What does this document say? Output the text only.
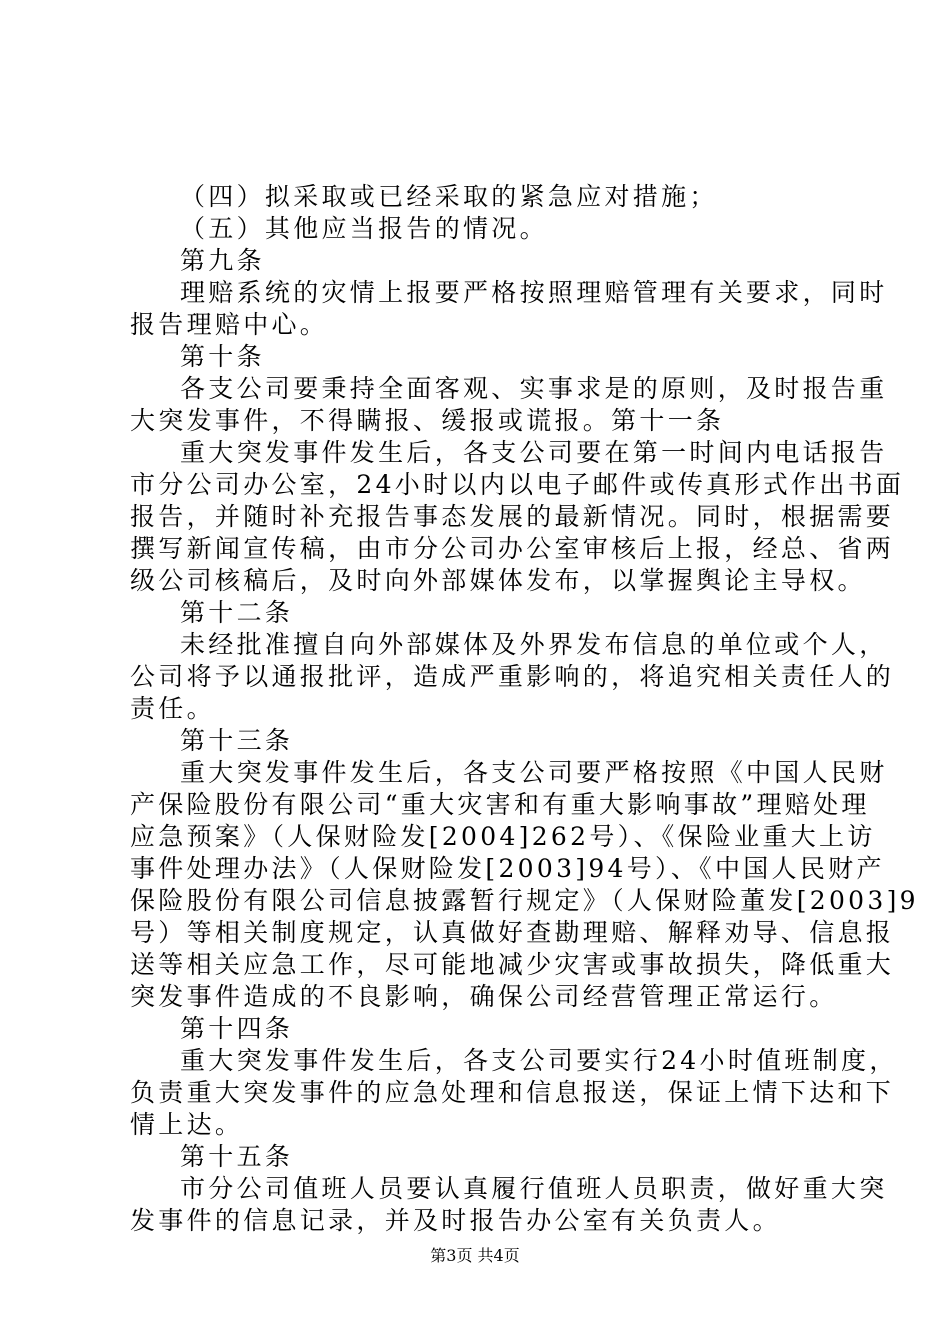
（四）拟采取或已经采取的紧急应对措施；
（五）其他应当报告的情况。
第九条
理赔系统的灾情上报要严格按照理赔管理有关要求，同时
报告理赔中心。
第十条
各支公司要秉持全面客观、实事求是的原则，及时报告重
大突发事件，不得瞒报、缓报或谎报。第十一条
重大突发事件发生后，各支公司要在第一时间内电话报告
市分公司办公室，24小时以内以电子邮件或传真形式作出书面
报告，并随时补充报告事态发展的最新情况。同时，根据需要
撰写新闻宣传稿，由市分公司办公室审核后上报，经总、省两
级公司核稿后，及时向外部媒体发布，以掌握舆论主导权。
第十二条
未经批准擅自向外部媒体及外界发布信息的单位或个人，
公司将予以通报批评，造成严重影响的，将追究相关责任人的
责任。
第十三条
重大突发事件发生后，各支公司要严格按照《中国人民财
产保险股份有限公司“重大灾害和有重大影响事故”理赔处理
应急预案》（人保财险发[2004]262号）、《保险业重大上访
事件处理办法》（人保财险发[2003]94号）、《中国人民财产
保险股份有限公司信息披露暂行规定》（人保财险董发[2003]9
号）等相关制度规定，认真做好查勘理赔、解释劝导、信息报
送等相关应急工作，尽可能地减少灾害或事故损失，降低重大
突发事件造成的不良影响，确保公司经营管理正常运行。
第十四条
重大突发事件发生后，各支公司要实行24小时值班制度，
负责重大突发事件的应急处理和信息报送，保证上情下达和下
情上达。
第十五条
市分公司值班人员要认真履行值班人员职责，做好重大突
发事件的信息记录，并及时报告办公室有关负责人。
第3页 共4页
